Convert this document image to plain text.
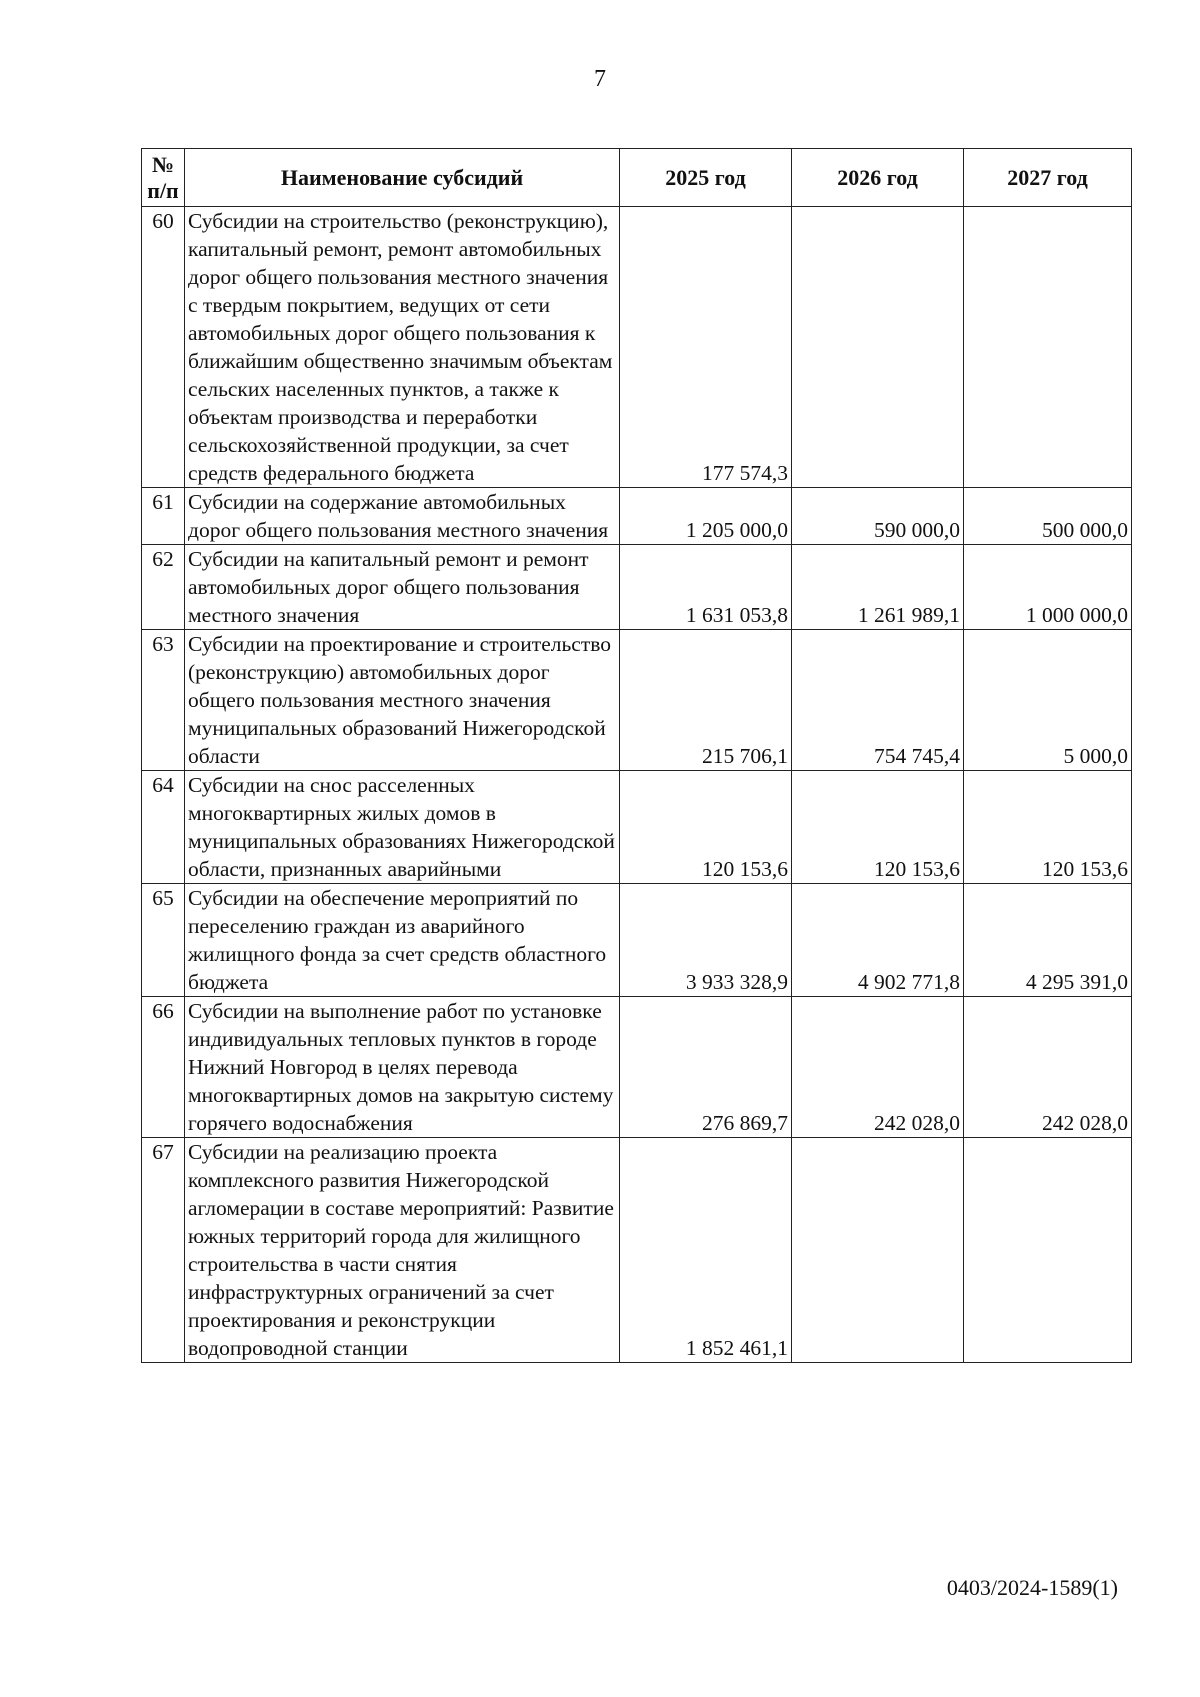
7
№
п/п	Наименование субсидий	2025 год	2026 год	2027 год
60	Субсидии на строительство (реконструкцию), капитальный ремонт, ремонт автомобильных дорог общего пользования местного значения с твердым покрытием, ведущих от сети автомобильных дорог общего пользования к ближайшим общественно значимым объектам сельских населенных пунктов, а также к объектам производства и переработки сельскохозяйственной продукции, за счет средств федерального бюджета	177 574,3		
61	Субсидии на содержание автомобильных дорог общего пользования местного значения	1 205 000,0	590 000,0	500 000,0
62	Субсидии на капитальный ремонт и ремонт автомобильных дорог общего пользования местного значения	1 631 053,8	1 261 989,1	1 000 000,0
63	Субсидии на проектирование и строительство (реконструкцию) автомобильных дорог общего пользования местного значения муниципальных образований Нижегородской области	215 706,1	754 745,4	5 000,0
64	Субсидии на снос расселенных многоквартирных жилых домов в муниципальных образованиях Нижегородской области, признанных аварийными	120 153,6	120 153,6	120 153,6
65	Субсидии на обеспечение мероприятий по переселению граждан из аварийного жилищного фонда за счет средств областного бюджета	3 933 328,9	4 902 771,8	4 295 391,0
66	Субсидии на выполнение работ по установке индивидуальных тепловых пунктов в городе Нижний Новгород в целях перевода многоквартирных домов на закрытую систему горячего водоснабжения	276 869,7	242 028,0	242 028,0
67	Субсидии на реализацию проекта комплексного развития Нижегородской агломерации в составе мероприятий: Развитие южных территорий города для жилищного строительства в части снятия инфраструктурных ограничений за счет проектирования и реконструкции водопроводной станции	1 852 461,1		
0403/2024-1589(1)
